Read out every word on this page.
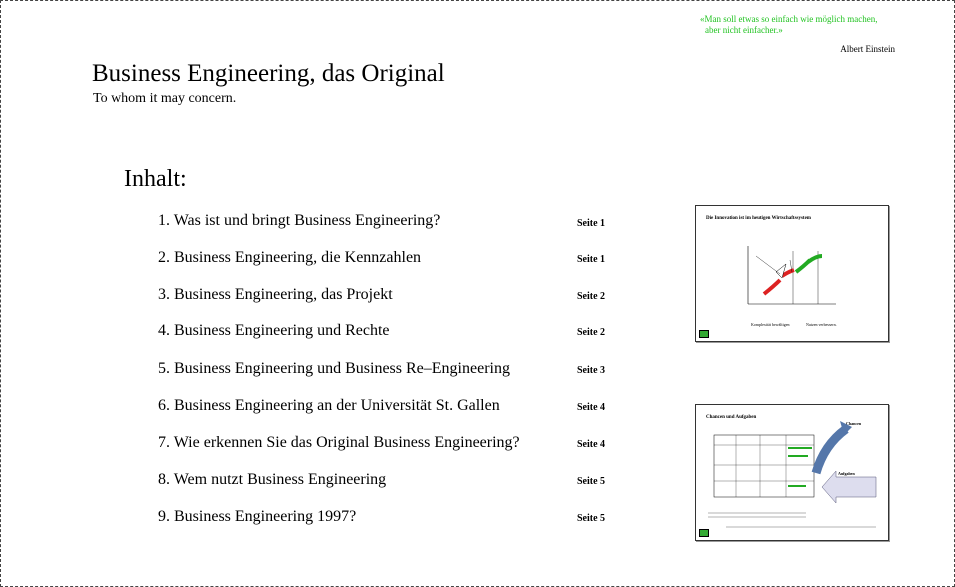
«Man soll etwas so einfach wie möglich machen,
aber nicht einfacher.»
Albert Einstein
Business Engineering, das Original
To whom it may concern.
Inhalt:
1. Was ist und bringt Business Engineering?	Seite 1
2. Business Engineering, die Kennzahlen	Seite 1
3. Business Engineering, das Projekt	Seite 2
4. Business Engineering und Rechte	Seite 2
5. Business Engineering und Business Re–Engineering	Seite 3
6. Business Engineering an der Universität St. Gallen	Seite 4
7. Wie erkennen Sie das Original Business Engineering?	Seite 4
8. Wem nutzt Business Engineering	Seite 5
9. Business Engineering 1997?	Seite 5
Die Innovation ist im heutigen Wirtschaftssystem
Komplexität bewältigen	Nutzen verbessern.
Chancen und Aufgaben
Chancen
Aufgaben
